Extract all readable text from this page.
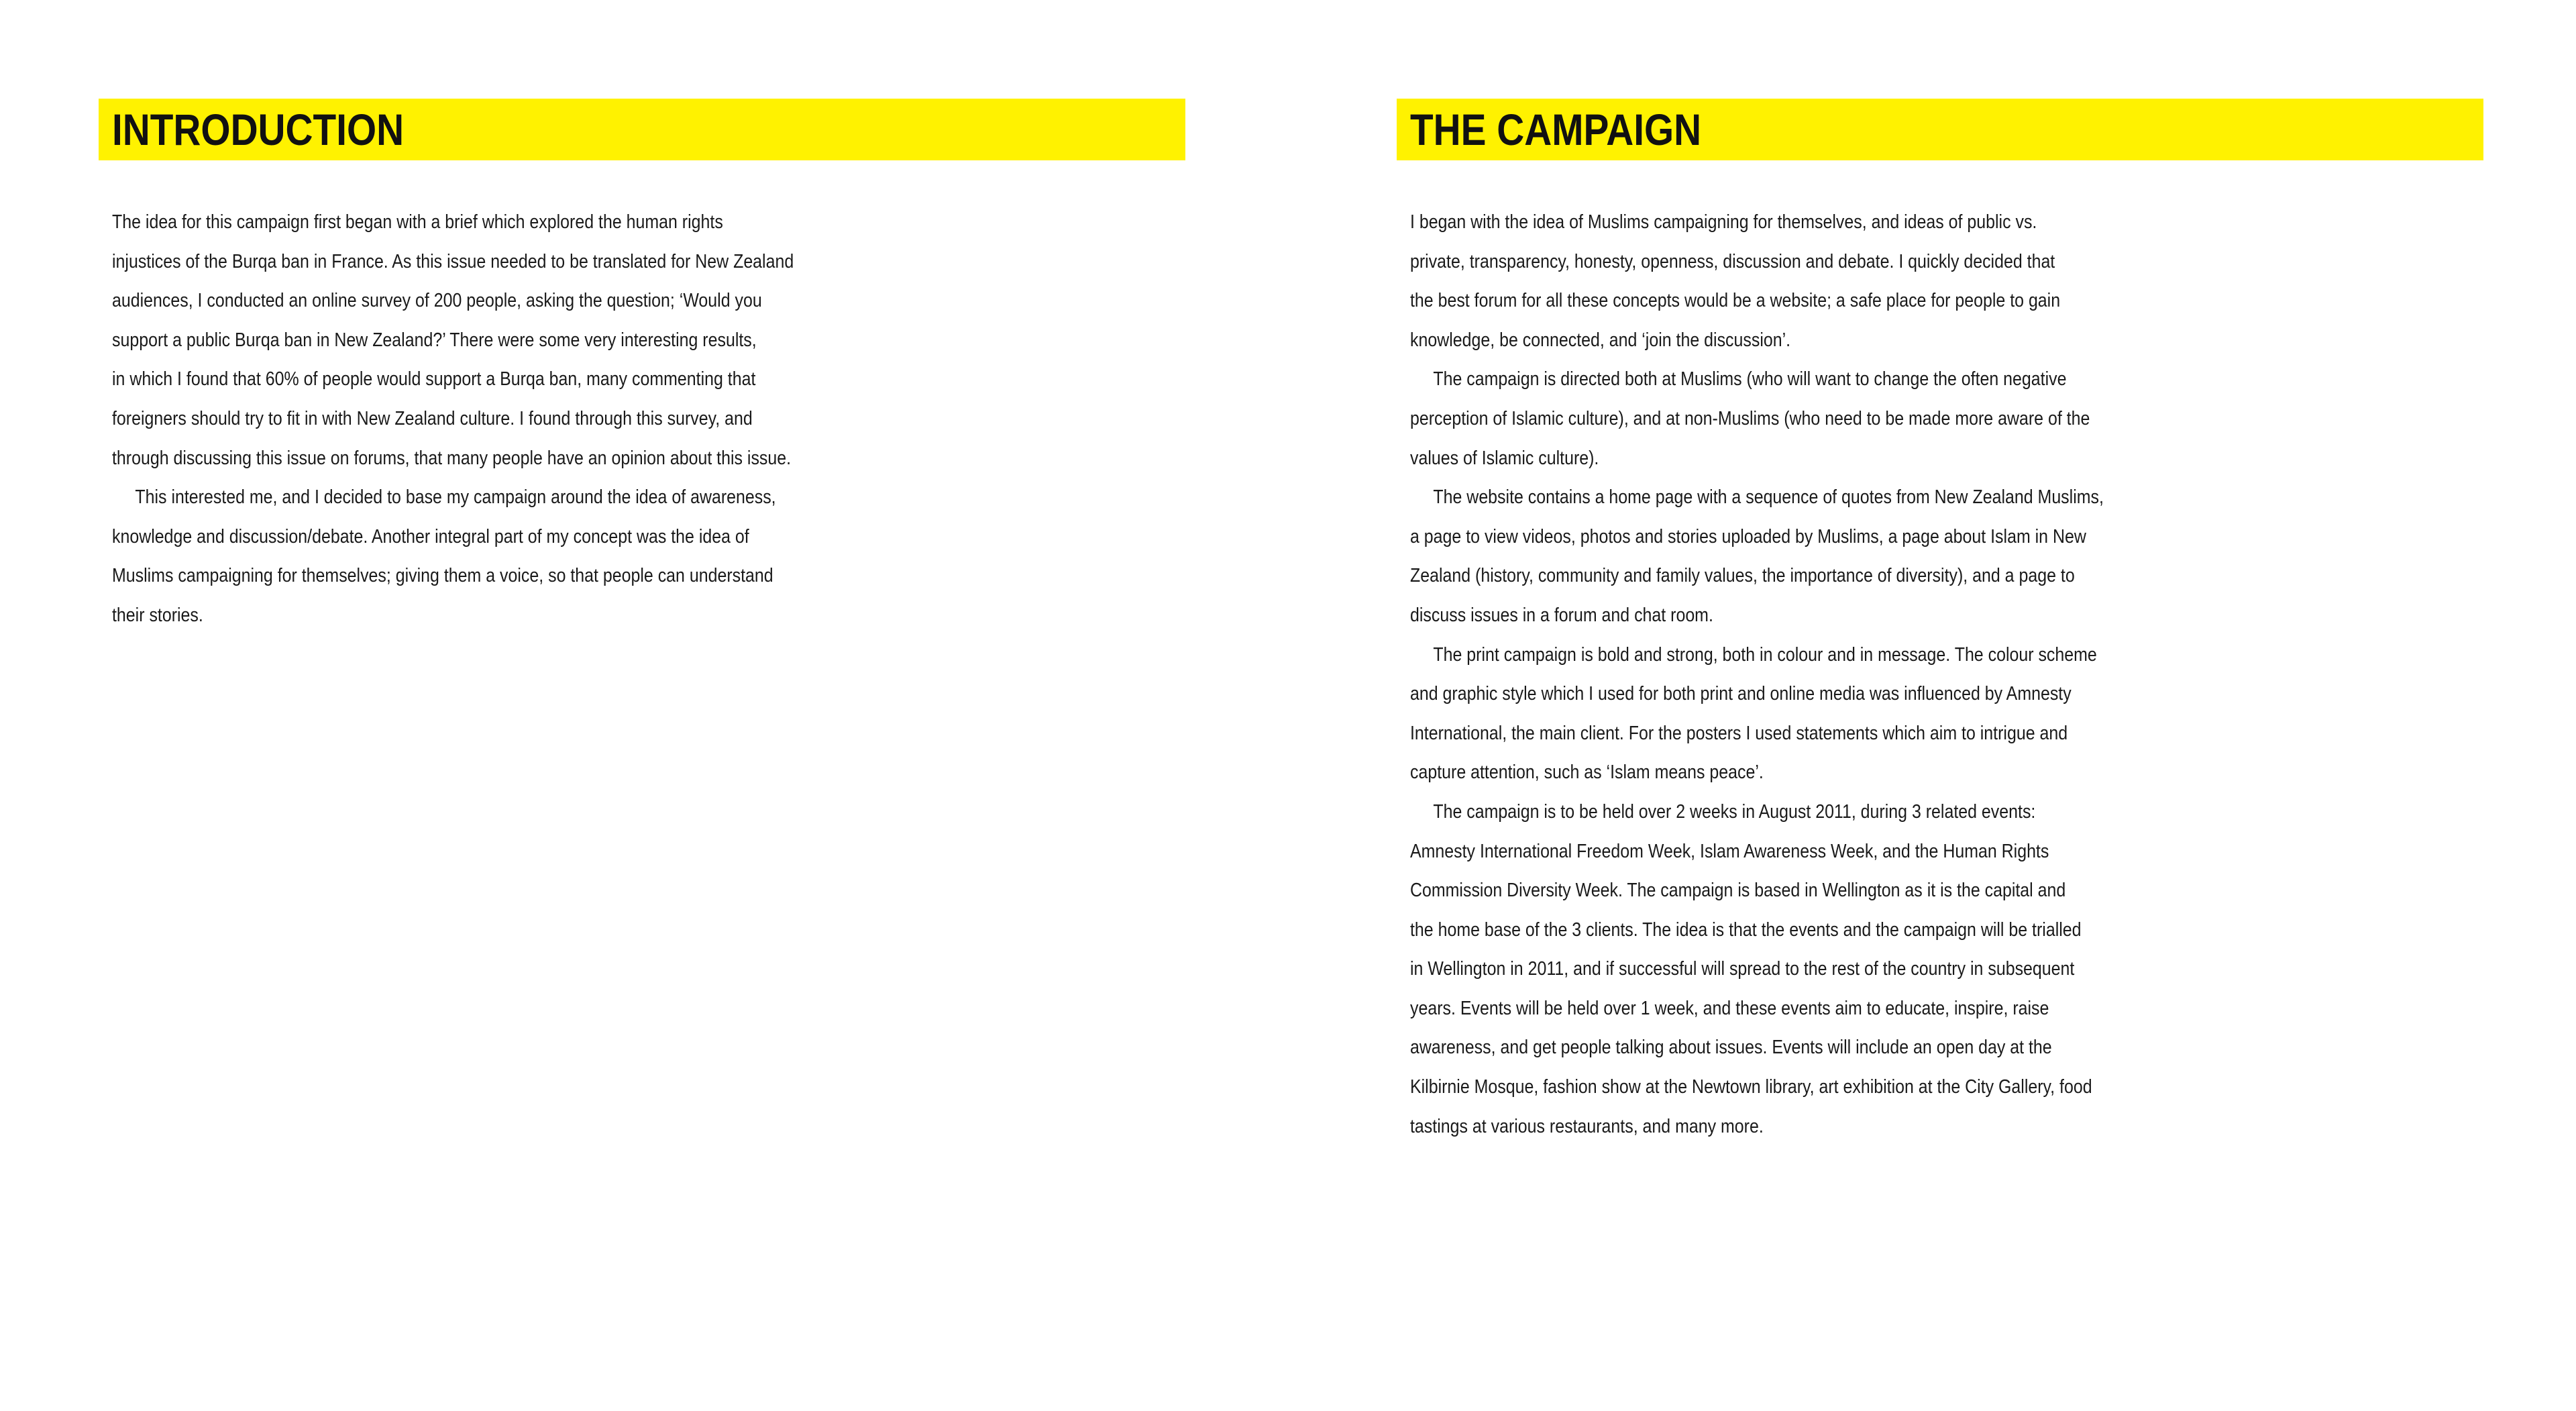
INTRODUCTION
The idea for this campaign first began with a brief which explored the human rights
injustices of the Burqa ban in France. As this issue needed to be translated for New Zealand
audiences, I conducted an online survey of 200 people, asking the question; ‘Would you
support a public Burqa ban in New Zealand?’ There were some very interesting results,
in which I found that 60% of people would support a Burqa ban, many commenting that
foreigners should try to fit in with New Zealand culture. I found through this survey, and
through discussing this issue on forums, that many people have an opinion about this issue.
This interested me, and I decided to base my campaign around the idea of awareness,
knowledge and discussion/debate. Another integral part of my concept was the idea of
Muslims campaigning for themselves; giving them a voice, so that people can understand
their stories.
THE CAMPAIGN
I began with the idea of Muslims campaigning for themselves, and ideas of public vs.
private, transparency, honesty, openness, discussion and debate. I quickly decided that
the best forum for all these concepts would be a website; a safe place for people to gain
knowledge, be connected, and ‘join the discussion’.
The campaign is directed both at Muslims (who will want to change the often negative
perception of Islamic culture), and at non-Muslims (who need to be made more aware of the
values of Islamic culture).
The website contains a home page with a sequence of quotes from New Zealand Muslims,
a page to view videos, photos and stories uploaded by Muslims, a page about Islam in New
Zealand (history, community and family values, the importance of diversity), and a page to
discuss issues in a forum and chat room.
The print campaign is bold and strong, both in colour and in message. The colour scheme
and graphic style which I used for both print and online media was influenced by Amnesty
International, the main client. For the posters I used statements which aim to intrigue and
capture attention, such as ‘Islam means peace’.
The campaign is to be held over 2 weeks in August 2011, during 3 related events:
Amnesty International Freedom Week, Islam Awareness Week, and the Human Rights
Commission Diversity Week. The campaign is based in Wellington as it is the capital and
the home base of the 3 clients. The idea is that the events and the campaign will be trialled
in Wellington in 2011, and if successful will spread to the rest of the country in subsequent
years. Events will be held over 1 week, and these events aim to educate, inspire, raise
awareness, and get people talking about issues. Events will include an open day at the
Kilbirnie Mosque, fashion show at the Newtown library, art exhibition at the City Gallery, food
tastings at various restaurants, and many more.
